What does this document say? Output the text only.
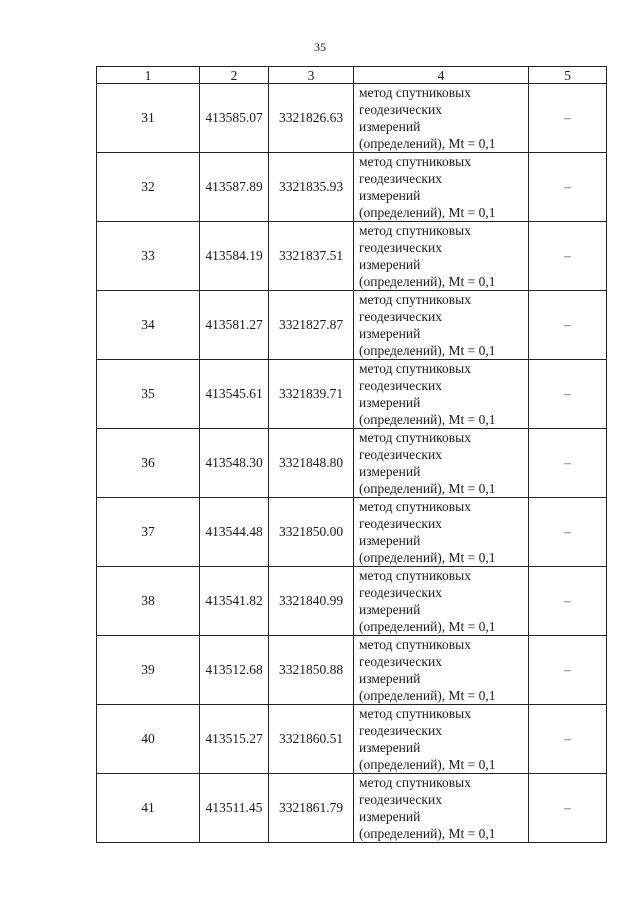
35
1	2	3	4	5
31	413585.07	3321826.63	метод спутниковых
геодезических
измерений
(определений), Mt = 0,1	–
32	413587.89	3321835.93	метод спутниковых
геодезических
измерений
(определений), Mt = 0,1	–
33	413584.19	3321837.51	метод спутниковых
геодезических
измерений
(определений), Mt = 0,1	–
34	413581.27	3321827.87	метод спутниковых
геодезических
измерений
(определений), Mt = 0,1	–
35	413545.61	3321839.71	метод спутниковых
геодезических
измерений
(определений), Mt = 0,1	–
36	413548.30	3321848.80	метод спутниковых
геодезических
измерений
(определений), Mt = 0,1	–
37	413544.48	3321850.00	метод спутниковых
геодезических
измерений
(определений), Mt = 0,1	–
38	413541.82	3321840.99	метод спутниковых
геодезических
измерений
(определений), Mt = 0,1	–
39	413512.68	3321850.88	метод спутниковых
геодезических
измерений
(определений), Mt = 0,1	–
40	413515.27	3321860.51	метод спутниковых
геодезических
измерений
(определений), Mt = 0,1	–
41	413511.45	3321861.79	метод спутниковых
геодезических
измерений
(определений), Mt = 0,1	–
